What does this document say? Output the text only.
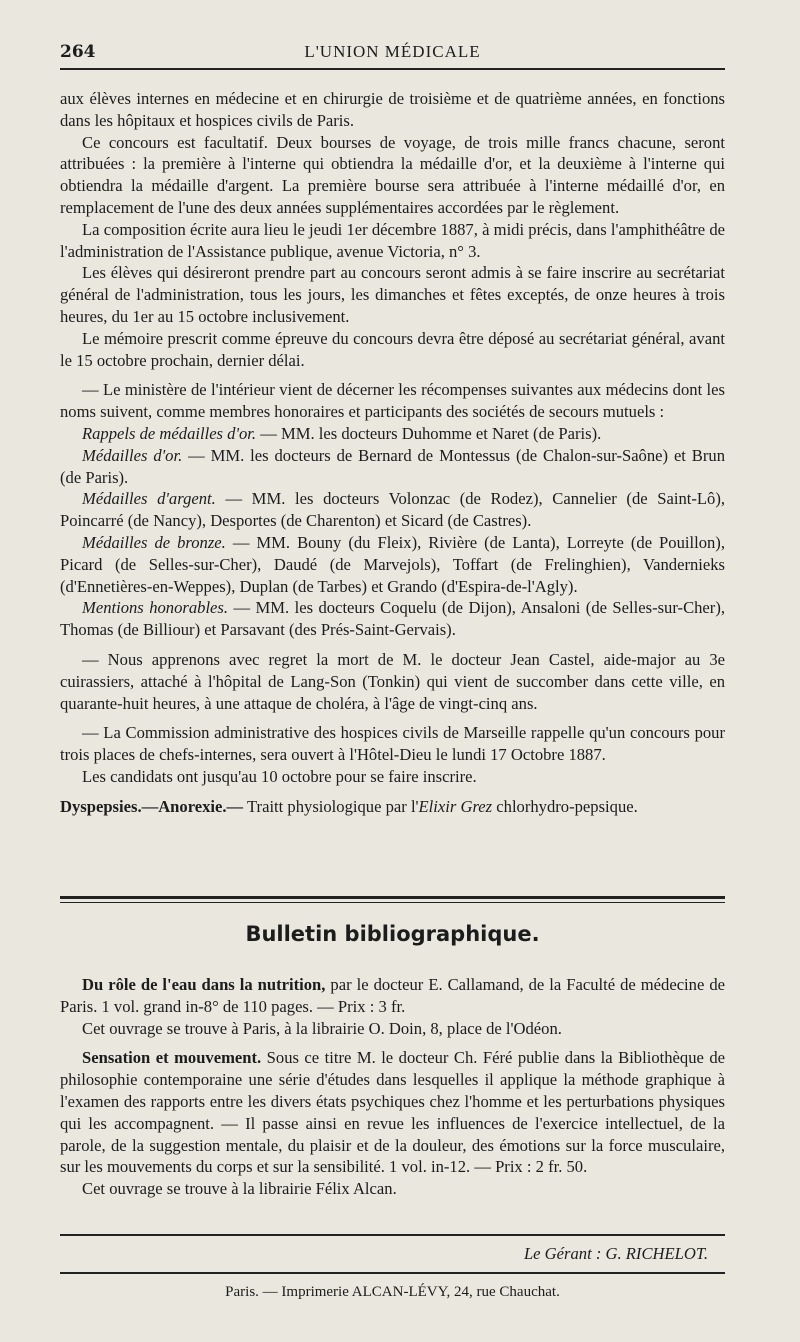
264	L'UNION MÉDICALE

aux élèves internes en médecine et en chirurgie de troisième et de quatrième années, en fonctions dans les hôpitaux et hospices civils de Paris.

Ce concours est facultatif. Deux bourses de voyage, de trois mille francs chacune, seront attribuées : la première à l'interne qui obtiendra la médaille d'or, et la deuxième à l'interne qui obtiendra la médaille d'argent. La première bourse sera attribuée à l'interne médaillé d'or, en remplacement de l'une des deux années supplémentaires accordées par le règlement.

La composition écrite aura lieu le jeudi 1er décembre 1887, à midi précis, dans l'amphithéâtre de l'administration de l'Assistance publique, avenue Victoria, n° 3.

Les élèves qui désireront prendre part au concours seront admis à se faire inscrire au secrétariat général de l'administration, tous les jours, les dimanches et fêtes exceptés, de onze heures à trois heures, du 1er au 15 octobre inclusivement.

Le mémoire prescrit comme épreuve du concours devra être déposé au secrétariat général, avant le 15 octobre prochain, dernier délai.

— Le ministère de l'intérieur vient de décerner les récompenses suivantes aux médecins dont les noms suivent, comme membres honoraires et participants des sociétés de secours mutuels :

Rappels de médailles d'or. — MM. les docteurs Duhomme et Naret (de Paris).

Médailles d'or. — MM. les docteurs de Bernard de Montessus (de Chalon-sur-Saône) et Brun (de Paris).

Médailles d'argent. — MM. les docteurs Volonzac (de Rodez), Cannelier (de Saint-Lô), Poincarré (de Nancy), Desportes (de Charenton) et Sicard (de Castres).

Médailles de bronze. — MM. Bouny (du Fleix), Rivière (de Lanta), Lorreyte (de Pouillon), Picard (de Selles-sur-Cher), Daudé (de Marvejols), Toffart (de Frelinghien), Vandernieks (d'Ennetières-en-Weppes), Duplan (de Tarbes) et Grando (d'Espira-de-l'Agly).

Mentions honorables. — MM. les docteurs Coquelu (de Dijon), Ansaloni (de Selles-sur-Cher), Thomas (de Billiour) et Parsavant (des Prés-Saint-Gervais).

— Nous apprenons avec regret la mort de M. le docteur Jean Castel, aide-major au 3e cuirassiers, attaché à l'hôpital de Lang-Son (Tonkin) qui vient de succomber dans cette ville, en quarante-huit heures, à une attaque de choléra, à l'âge de vingt-cinq ans.

— La Commission administrative des hospices civils de Marseille rappelle qu'un concours pour trois places de chefs-internes, sera ouvert à l'Hôtel-Dieu le lundi 17 Octobre 1887.

Les candidats ont jusqu'au 10 octobre pour se faire inscrire.

Dyspepsies.—Anorexie.— Traitt physiologique par l'Elixir Grez chlorhydro-pepsique.

Bulletin bibliographique.

Du rôle de l'eau dans la nutrition, par le docteur E. Callamand, de la Faculté de médecine de Paris. 1 vol. grand in-8° de 110 pages. — Prix : 3 fr.

Cet ouvrage se trouve à Paris, à la librairie O. Doin, 8, place de l'Odéon.

Sensation et mouvement. Sous ce titre M. le docteur Ch. Féré publie dans la Bibliothèque de philosophie contemporaine une série d'études dans lesquelles il applique la méthode graphique à l'examen des rapports entre les divers états psychiques chez l'homme et les perturbations physiques qui les accompagnent. — Il passe ainsi en revue les influences de l'exercice intellectuel, de la parole, de la suggestion mentale, du plaisir et de la douleur, des émotions sur la force musculaire, sur les mouvements du corps et sur la sensibilité. 1 vol. in-12. — Prix : 2 fr. 50.

Cet ouvrage se trouve à la librairie Félix Alcan.

Le Gérant : G. RICHELOT.
Paris. — Imprimerie ALCAN-LÉVY, 24, rue Chauchat.
